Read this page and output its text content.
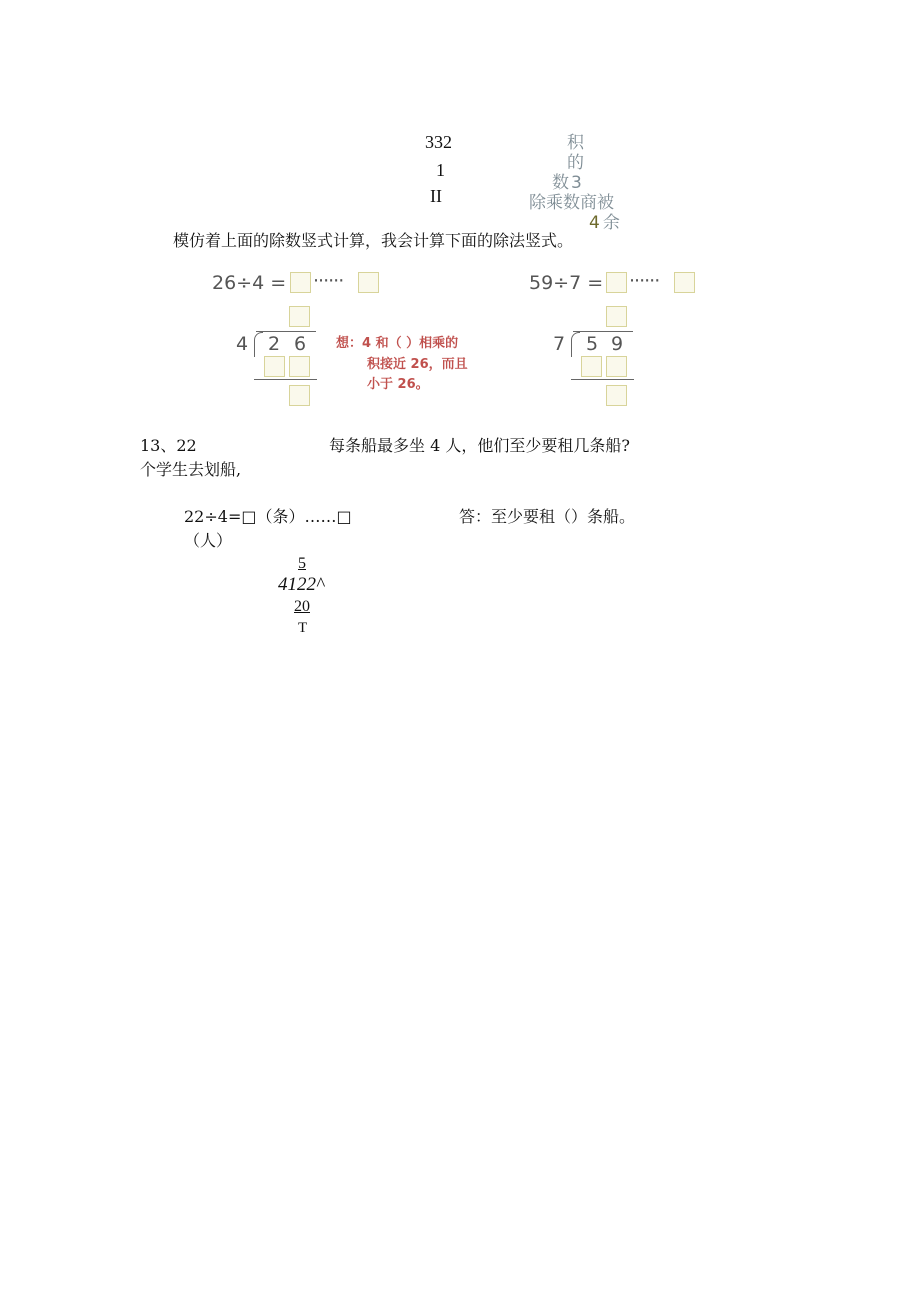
332
1
II
积
的
数 3
除乘数商被
4 余
模仿着上面的除数竖式计算，我会计算下面的除法竖式。
26÷4 = ······
4 2 6 想：4 和（ ）相乘的
积接近 26，而且
小于 26。
59÷7 = ······
7 5 9
13、22	每条船最多坐 4 人，他们至少要租几条船?
个学生去划船,
22÷4=□（条）……□	答：至少要租（）条船。
（人）
5
4122^
20
T
